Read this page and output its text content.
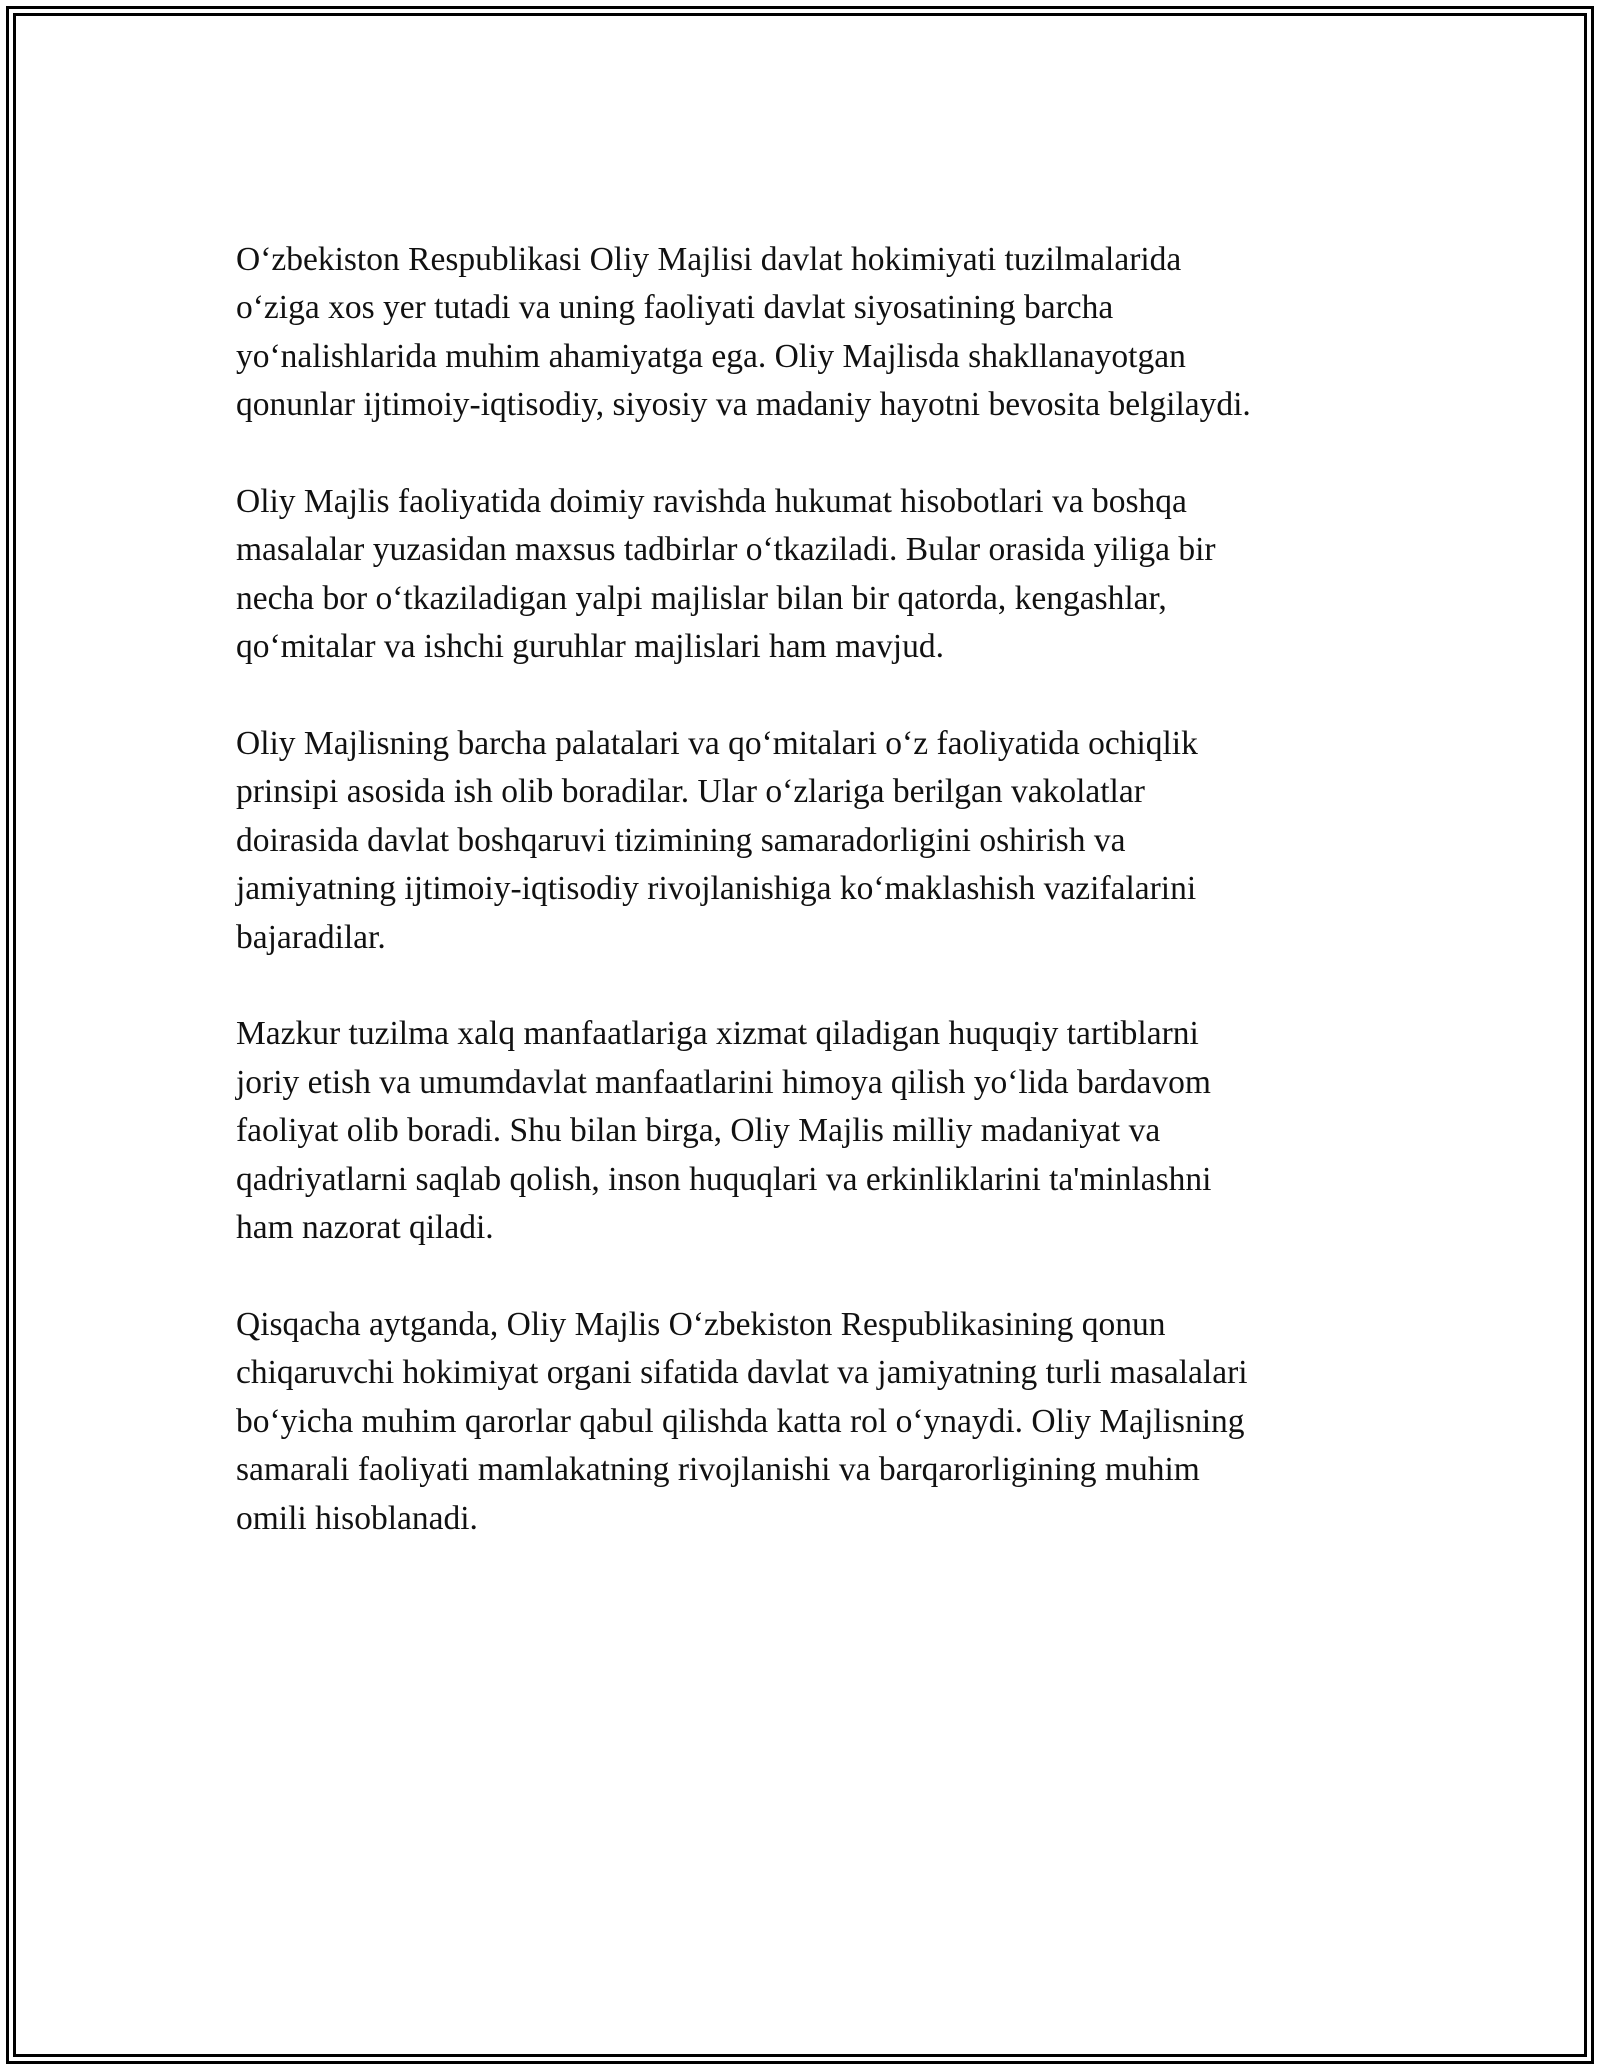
O‘zbekiston Respublikasi Oliy Majlisi davlat hokimiyati tuzilmalarida
o‘ziga xos yer tutadi va uning faoliyati davlat siyosatining barcha
yo‘nalishlarida muhim ahamiyatga ega. Oliy Majlisda shakllanayotgan
qonunlar ijtimoiy-iqtisodiy, siyosiy va madaniy hayotni bevosita belgilaydi.

Oliy Majlis faoliyatida doimiy ravishda hukumat hisobotlari va boshqa
masalalar yuzasidan maxsus tadbirlar o‘tkaziladi. Bular orasida yiliga bir
necha bor o‘tkaziladigan yalpi majlislar bilan bir qatorda, kengashlar,
qo‘mitalar va ishchi guruhlar majlislari ham mavjud.

Oliy Majlisning barcha palatalari va qo‘mitalari o‘z faoliyatida ochiqlik
prinsipi asosida ish olib boradilar. Ular o‘zlariga berilgan vakolatlar
doirasida davlat boshqaruvi tizimining samaradorligini oshirish va
jamiyatning ijtimoiy-iqtisodiy rivojlanishiga ko‘maklashish vazifalarini
bajaradilar.

Mazkur tuzilma xalq manfaatlariga xizmat qiladigan huquqiy tartiblarni
joriy etish va umumdavlat manfaatlarini himoya qilish yo‘lida bardavom
faoliyat olib boradi. Shu bilan birga, Oliy Majlis milliy madaniyat va
qadriyatlarni saqlab qolish, inson huquqlari va erkinliklarini ta'minlashni
ham nazorat qiladi.

Qisqacha aytganda, Oliy Majlis O‘zbekiston Respublikasining qonun
chiqaruvchi hokimiyat organi sifatida davlat va jamiyatning turli masalalari
bo‘yicha muhim qarorlar qabul qilishda katta rol o‘ynaydi. Oliy Majlisning
samarali faoliyati mamlakatning rivojlanishi va barqarorligining muhim
omili hisoblanadi.
